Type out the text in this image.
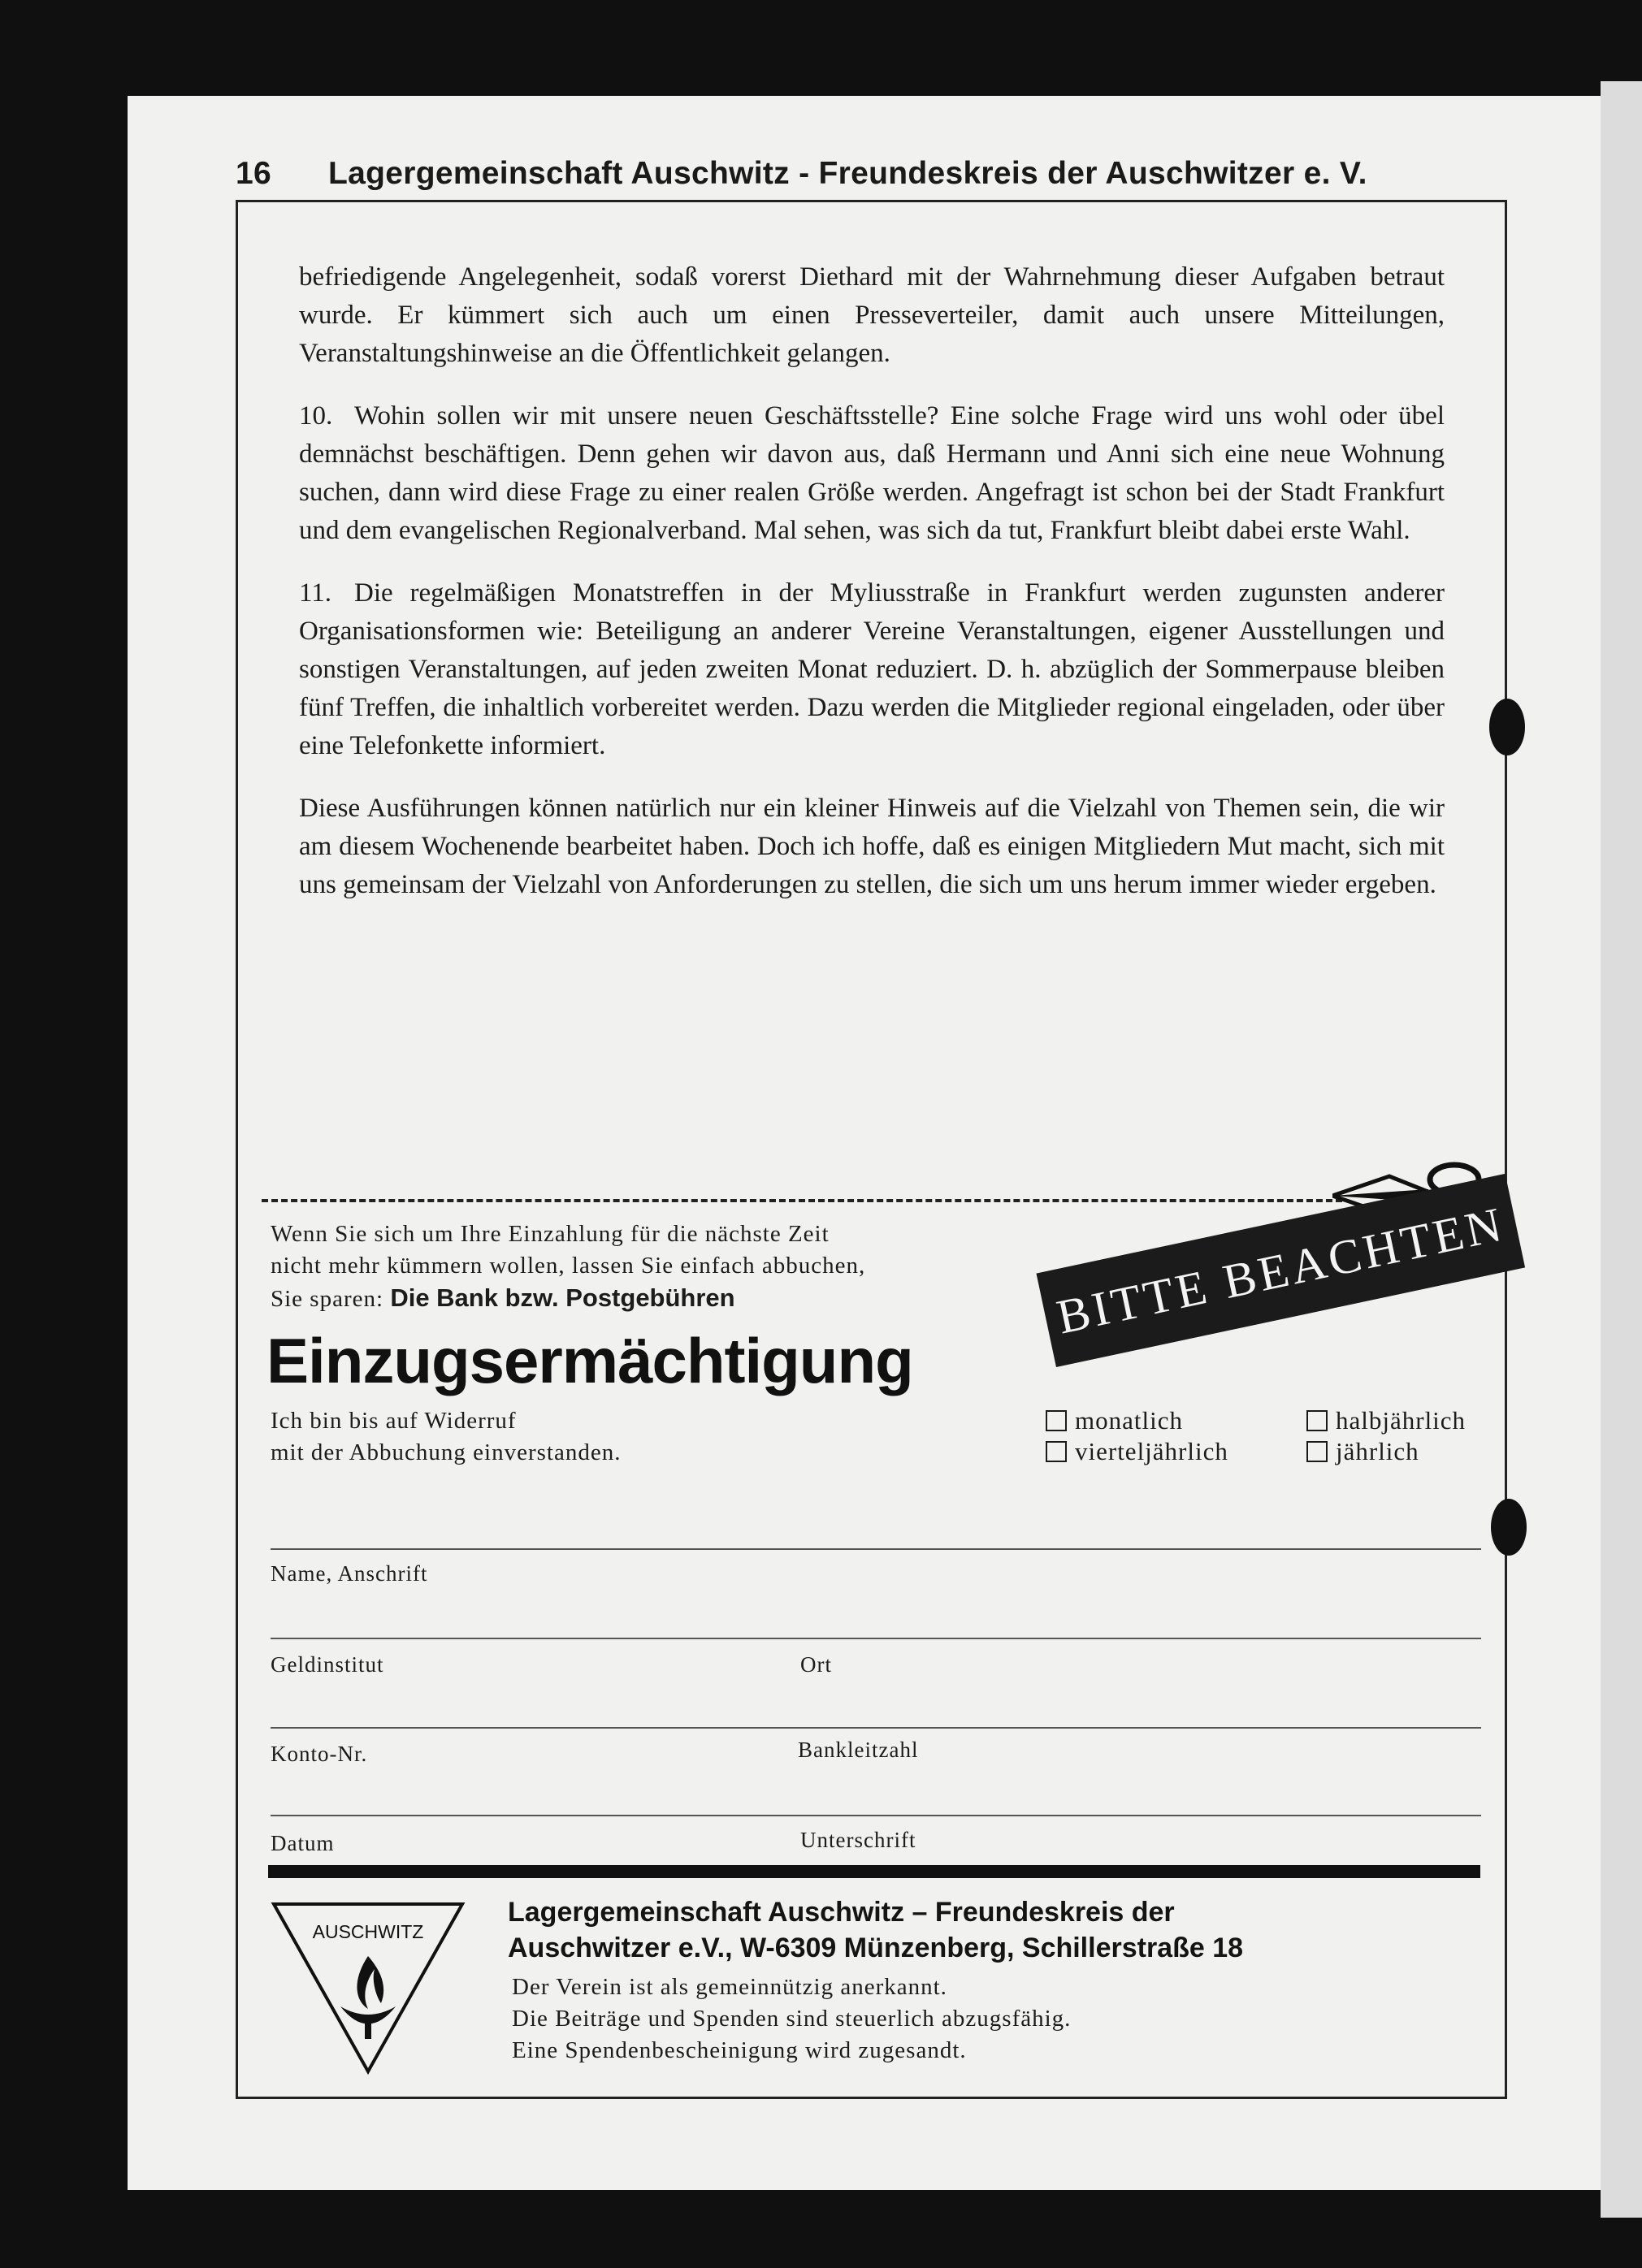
16 Lagergemeinschaft Auschwitz - Freundeskreis der Auschwitzer e. V.

befriedigende Angelegenheit, sodaß vorerst Diethard mit der Wahrnehmung dieser Aufgaben betraut wurde. Er kümmert sich auch um einen Presseverteiler, damit auch unsere Mitteilungen, Veranstaltungshinweise an die Öffentlichkeit gelangen.

10. Wohin sollen wir mit unsere neuen Geschäftsstelle? Eine solche Frage wird uns wohl oder übel demnächst beschäftigen. Denn gehen wir davon aus, daß Hermann und Anni sich eine neue Wohnung suchen, dann wird diese Frage zu einer realen Größe werden. Angefragt ist schon bei der Stadt Frankfurt und dem evangelischen Regionalverband. Mal sehen, was sich da tut, Frankfurt bleibt dabei erste Wahl.

11. Die regelmäßigen Monatstreffen in der Myliusstraße in Frankfurt werden zugunsten anderer Organisationsformen wie: Beteiligung an anderer Vereine Veranstaltungen, eigener Ausstellungen und sonstigen Veranstaltungen, auf jeden zweiten Monat reduziert. D. h. abzüglich der Sommerpause bleiben fünf Treffen, die inhaltlich vorbereitet werden. Dazu werden die Mitglieder regional eingeladen, oder über eine Telefonkette informiert.

Diese Ausführungen können natürlich nur ein kleiner Hinweis auf die Vielzahl von Themen sein, die wir am diesem Wochenende bearbeitet haben. Doch ich hoffe, daß es einigen Mitgliedern Mut macht, sich mit uns gemeinsam der Vielzahl von Anforderungen zu stellen, die sich um uns herum immer wieder ergeben.

Wenn Sie sich um Ihre Einzahlung für die nächste Zeit
nicht mehr kümmern wollen, lassen Sie einfach abbuchen,
Sie sparen: Die Bank bzw. Postgebühren
Einzugsermächtigung
BITTE BEACHTEN
Ich bin bis auf Widerruf
mit der Abbuchung einverstanden.
monatlich	halbjährlich
vierteljährlich	jährlich
Name, Anschrift
Geldinstitut	Ort
Konto-Nr.	Bankleitzahl
Datum	Unterschrift
AUSCHWITZ
Lagergemeinschaft Auschwitz – Freundeskreis der
Auschwitzer e.V., W-6309 Münzenberg, Schillerstraße 18
Der Verein ist als gemeinnützig anerkannt.
Die Beiträge und Spenden sind steuerlich abzugsfähig.
Eine Spendenbescheinigung wird zugesandt.
